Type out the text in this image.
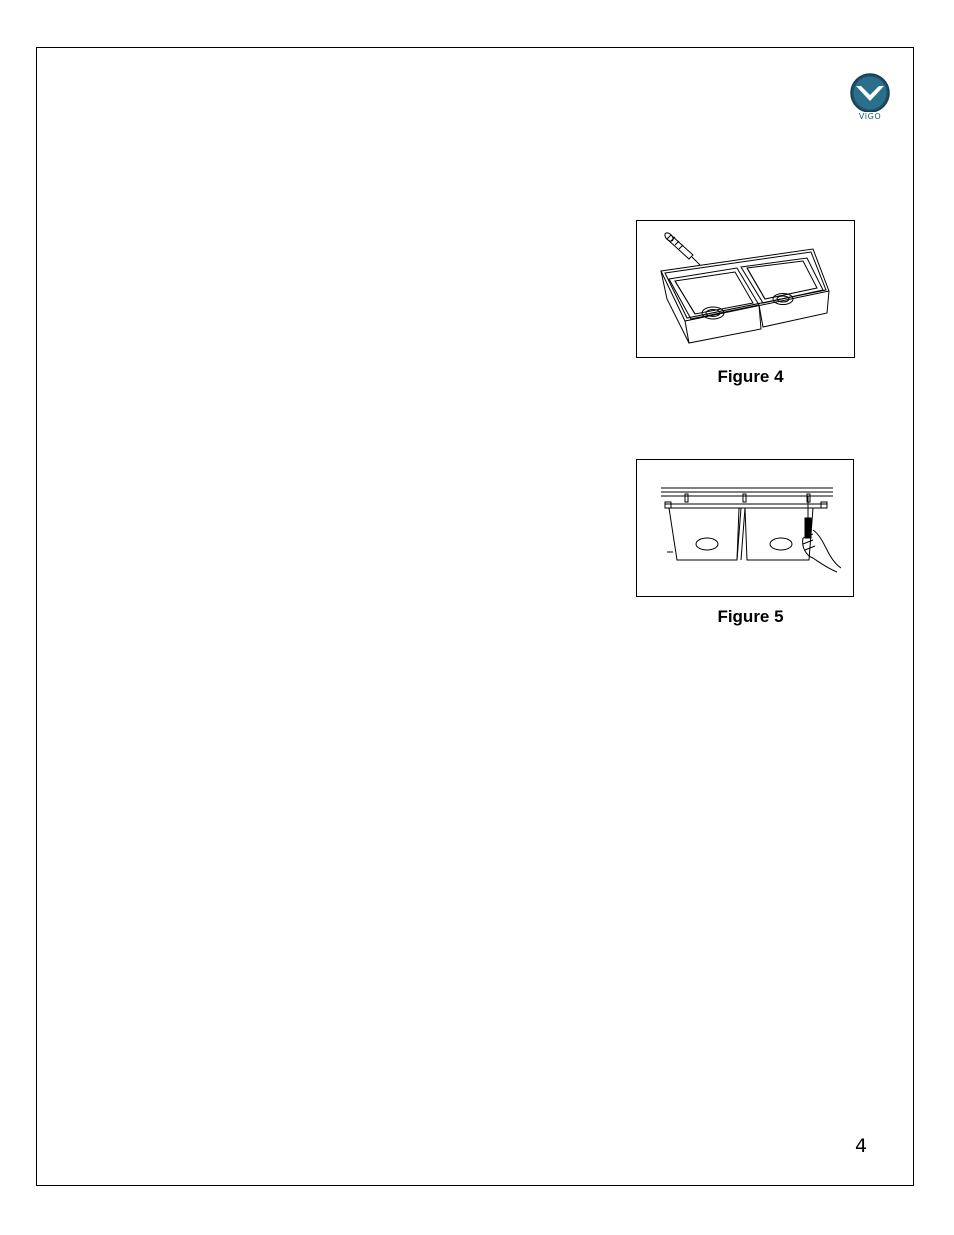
VIGO
Figure 4
Figure 5
4
